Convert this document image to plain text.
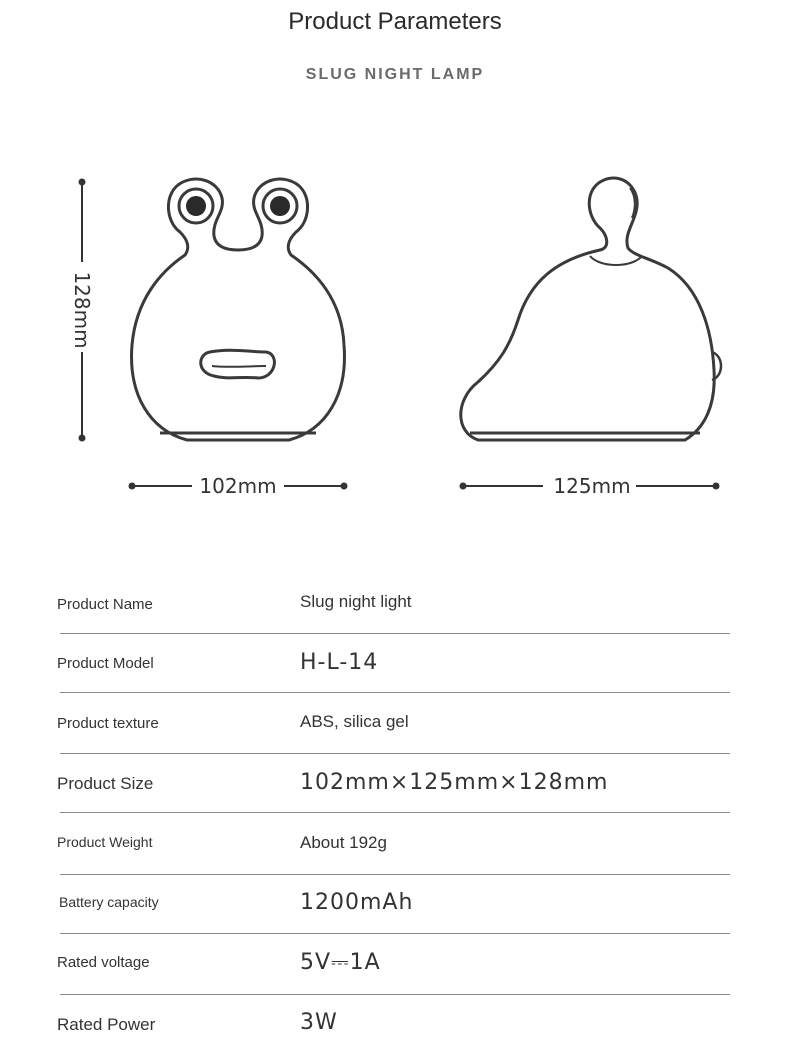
Product Parameters
SLUG NIGHT LAMP
128mm
102mm	125mm
Product Name	Slug night light
Product Model	H-L-14
Product texture	ABS, silica gel
Product Size	102mm×125mm×128mm
Product Weight	About 192g
Battery capacity	1200mAh
Rated voltage	5V⎓1A
Rated Power	3W
